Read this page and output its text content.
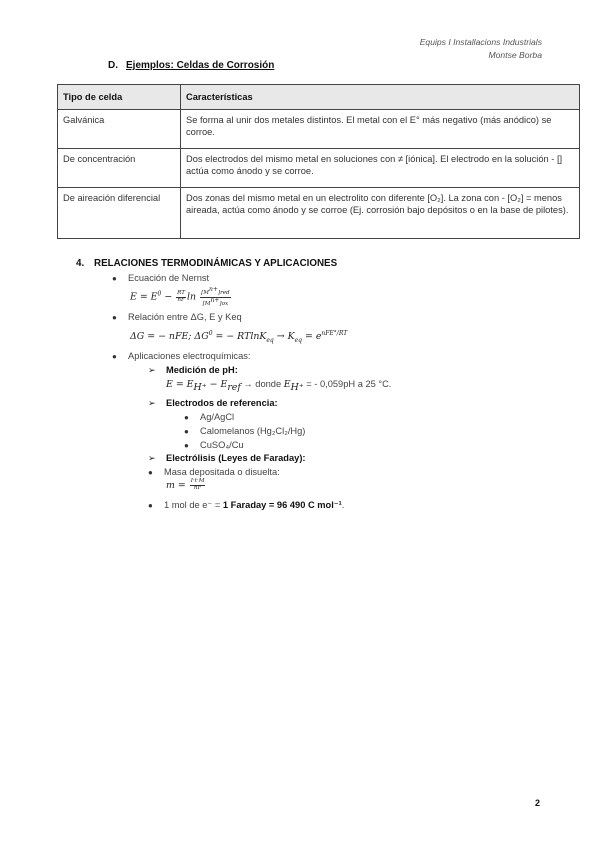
Equips I Installacions Industrials
Montse Borba
D. Ejemplos: Celdas de Corrosión
Tipo de celda	Características
Galvánica	Se forma al unir dos metales distintos. El metal con el E° más negativo (más anódico) se corroe.
De concentración	Dos electrodos del mismo metal en soluciones con ≠ [iónica]. El electrodo en la solución - [] actúa como ánodo y se corroe.
De aireación diferencial	Dos zonas del mismo metal en un electrolito con diferente [O₂]. La zona con - [O₂] = menos aireada, actúa como ánodo y se corroe (Ej. corrosión bajo depósitos o en la base de pilotes).
4. RELACIONES TERMODINÁMICAS Y APLICACIONES
● Ecuación de Nernst
$E = E^0 - \frac{RT}{nF}$ $\ln \frac{[M^{n+}]red}{[M^{n+}]ox}$
● Relación entre ΔG, E y Keq
ΔG = − nFE; $\Delta G^0$ = − $RTlnK_{eq} \to K_{eq} = e^{nFE^\circ/RT}$
● Aplicaciones electroquímicas:
➢ Medición de pH:
$E = E_{H^+} - E_{ref}$ → donde $E_{H^+}$ = - 0,059pH a 25 °C.
➢ Electrodos de referencia:
● Ag/AgCl
● Calomelanos (Hg₂Cl₂/Hg)
● CuSO₄/Cu
➢ Electrólisis (Leyes de Faraday):
● Masa depositada o disuelta:
$m = \frac{I\cdot t\cdot M}{nF}$
● 1 mol de e⁻ = 1 Faraday = 96 490 C mol⁻¹.
2
